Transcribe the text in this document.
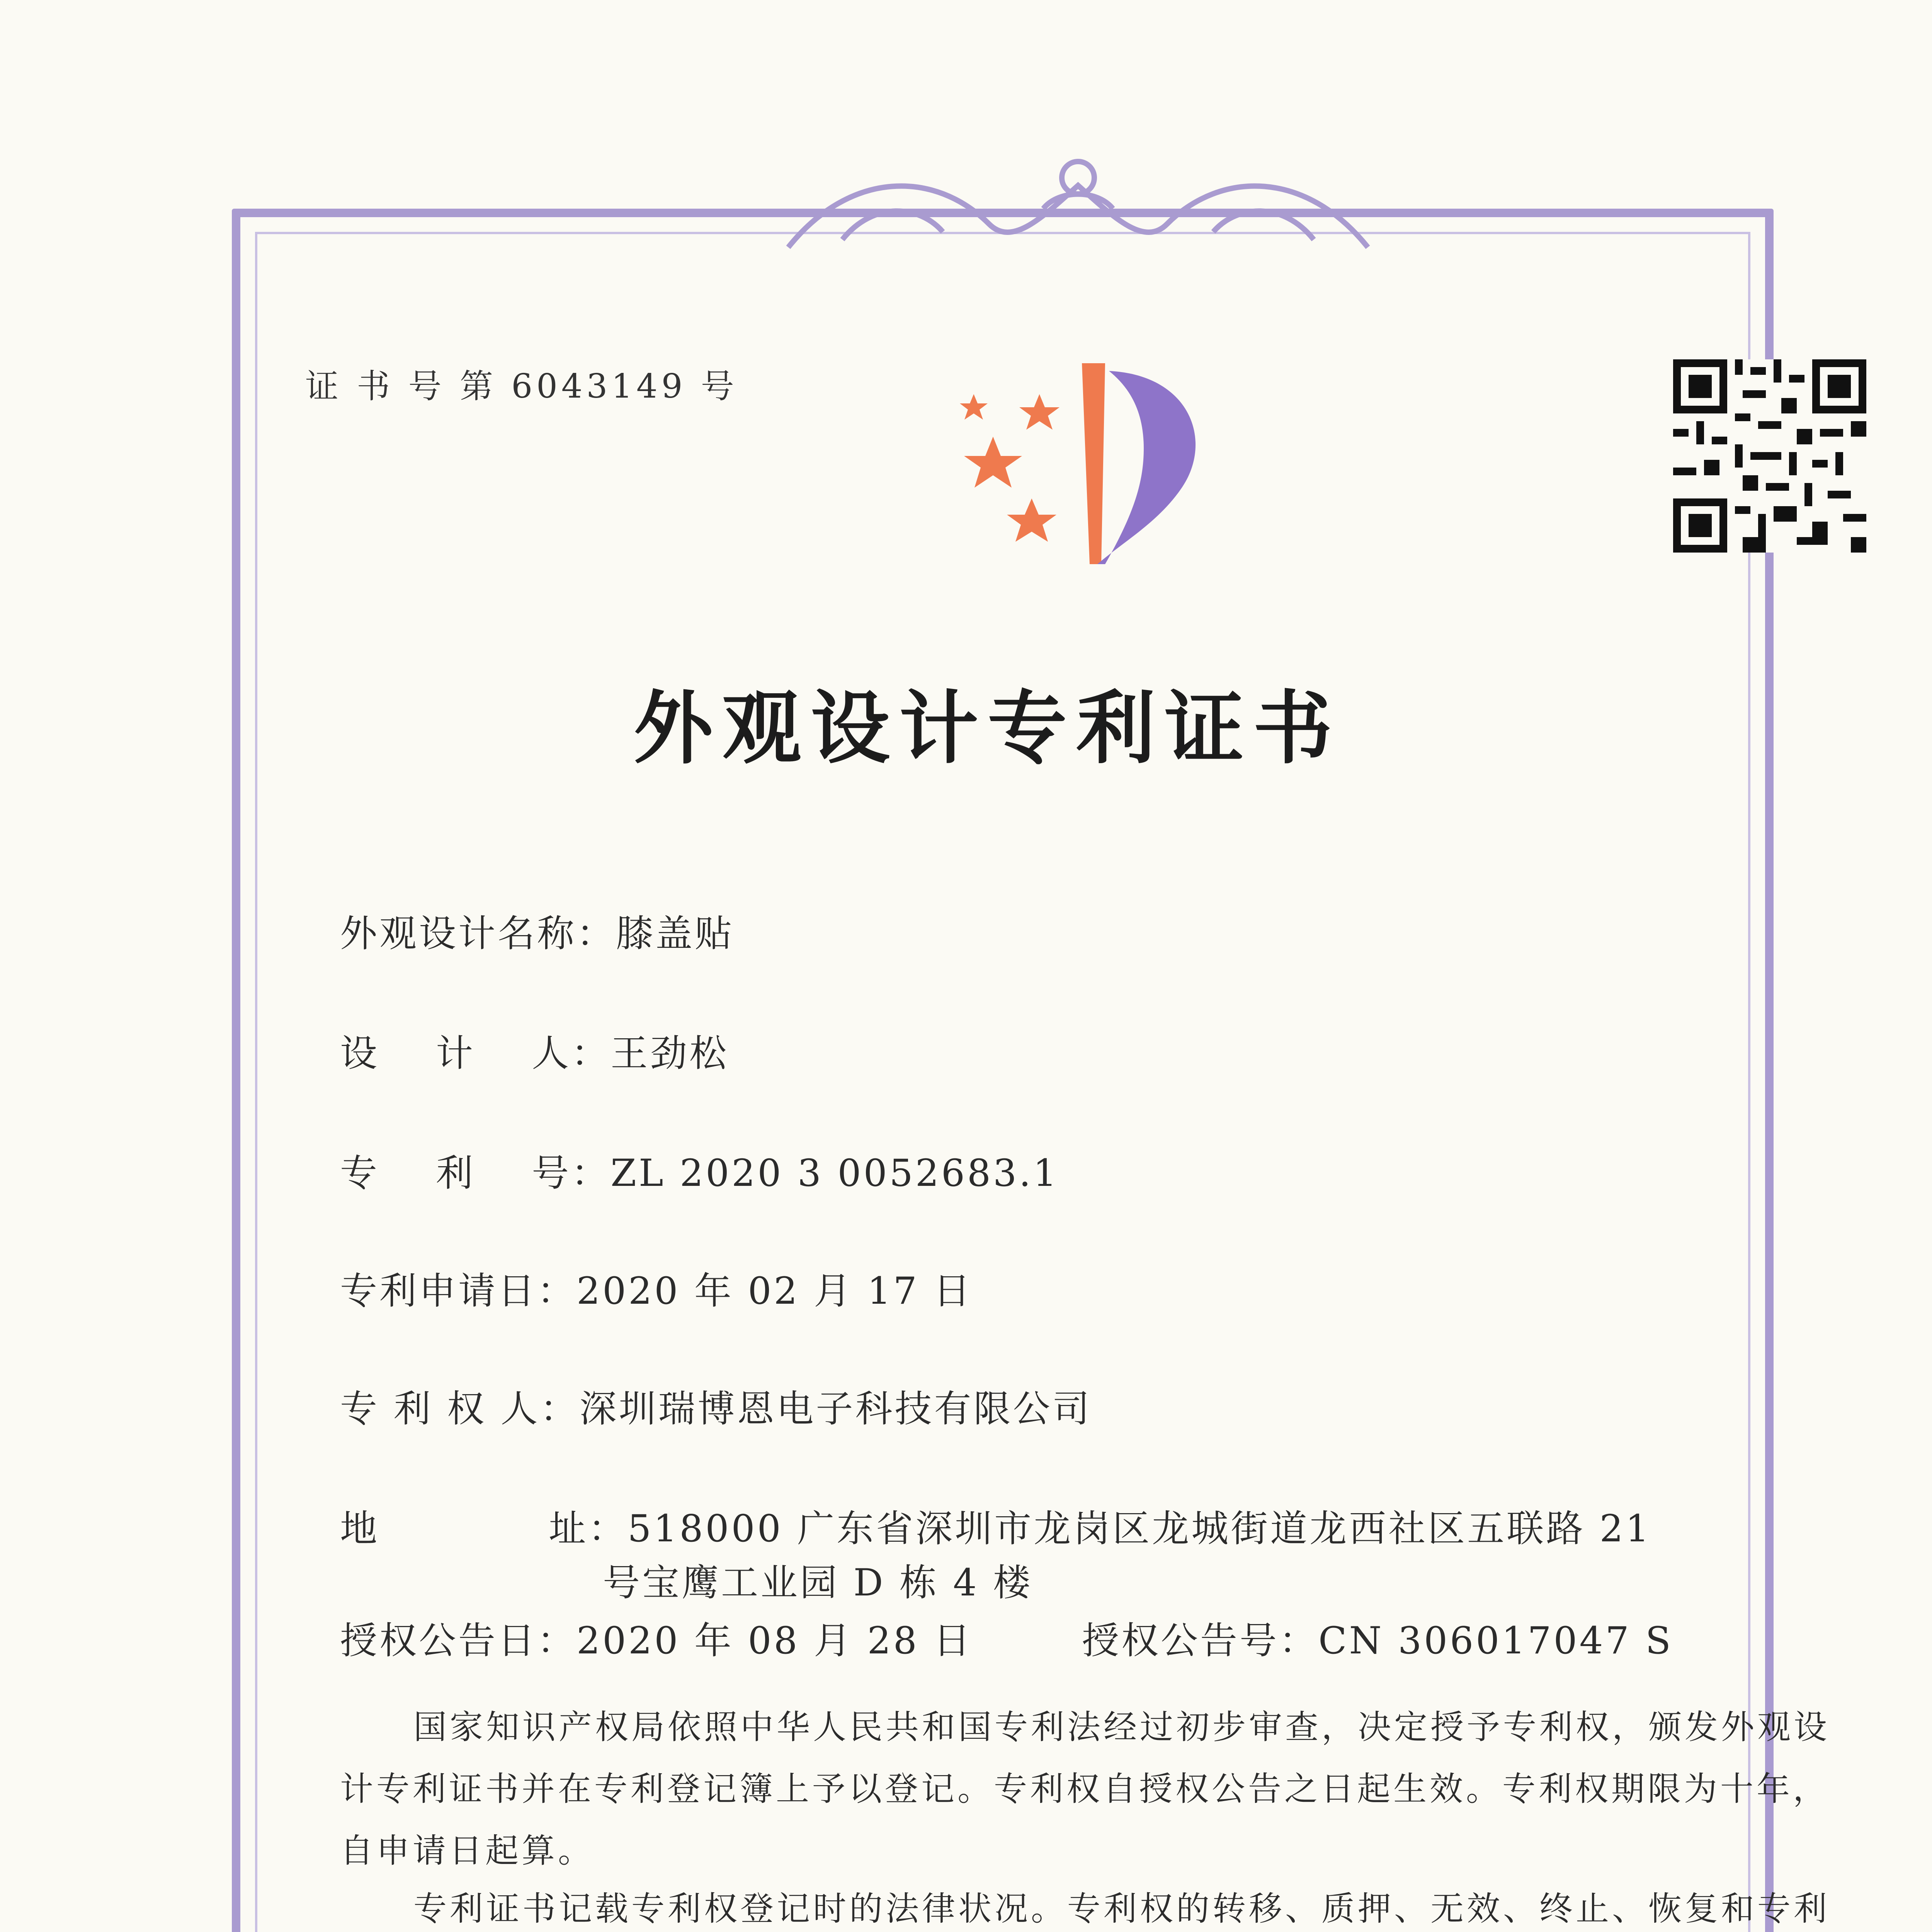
证 书 号 第 6043149 号
外观设计专利证书
外观设计名称：膝盖贴
设    计    人：王劲松
专    利    号：ZL 2020 3 0052683.1
专利申请日：2020 年 02 月 17 日
专 利 权 人：深圳瑞博恩电子科技有限公司
地            址：518000 广东省深圳市龙岗区龙城街道龙西社区五联路 21
号宝鹰工业园 D 栋 4 楼
授权公告日：2020 年 08 月 28 日	授权公告号：CN 306017047 S
国家知识产权局依照中华人民共和国专利法经过初步审查，决定授予专利权，颁发外观设计专利证书并在专利登记簿上予以登记。专利权自授权公告之日起生效。专利权期限为十年，自申请日起算。
专利证书记载专利权登记时的法律状况。专利权的转移、质押、无效、终止、恢复和专利
